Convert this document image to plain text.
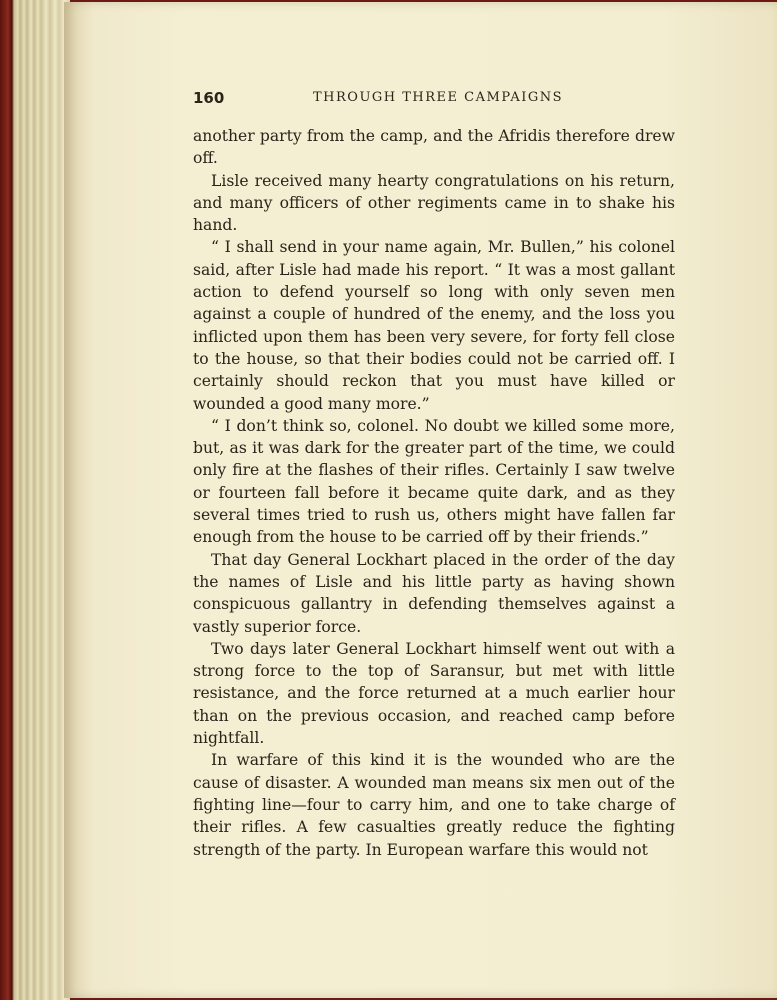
160	THROUGH THREE CAMPAIGNS

another party from the camp, and the Afridis therefore drew off.

Lisle received many hearty congratulations on his return, and many officers of other regiments came in to shake his hand.

“ I shall send in your name again, Mr. Bullen,” his colonel said, after Lisle had made his report. “ It was a most gallant action to defend yourself so long with only seven men against a couple of hundred of the enemy, and the loss you inflicted upon them has been very severe, for forty fell close to the house, so that their bodies could not be carried off. I certainly should reckon that you must have killed or wounded a good many more.”

“ I don’t think so, colonel. No doubt we killed some more, but, as it was dark for the greater part of the time, we could only fire at the flashes of their rifles. Certainly I saw twelve or fourteen fall before it became quite dark, and as they several times tried to rush us, others might have fallen far enough from the house to be carried off by their friends.”

That day General Lockhart placed in the order of the day the names of Lisle and his little party as having shown conspicuous gallantry in defending themselves against a vastly superior force.

Two days later General Lockhart himself went out with a strong force to the top of Saransur, but met with little resistance, and the force returned at a much earlier hour than on the previous occasion, and reached camp before nightfall.

In warfare of this kind it is the wounded who are the cause of disaster. A wounded man means six men out of the fighting line—four to carry him, and one to take charge of their rifles. A few casualties greatly reduce the fighting strength of the party. In European warfare this would not
